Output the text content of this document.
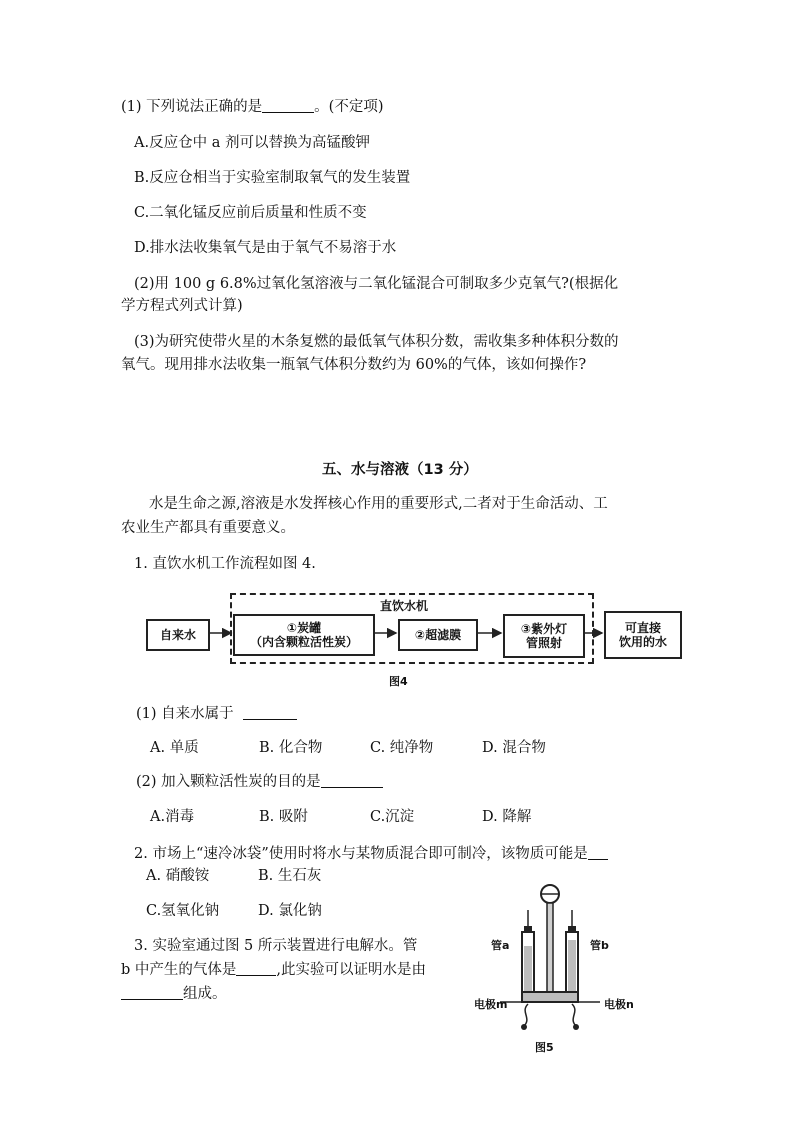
(1) 下列说法正确的是	。(不定项)
A.反应仓中 a 剂可以替换为高锰酸钾
B.反应仓相当于实验室制取氧气的发生装置
C.二氧化锰反应前后质量和性质不变
D.排水法收集氧气是由于氧气不易溶于水
(2)用 100 g 6.8%过氧化氢溶液与二氧化锰混合可制取多少克氧气?(根据化
学方程式列式计算)
(3)为研究使带火星的木条复燃的最低氧气体积分数，需收集多种体积分数的
氧气。现用排水法收集一瓶氧气体积分数约为 60%的气体，该如何操作?
五、水与溶液（13 分）
水是生命之源,溶液是水发挥核心作用的重要形式,二者对于生命活动、工
农业生产都具有重要意义。
1. 直饮水机工作流程如图 4.
直饮水机
自来水	①炭罐
（内含颗粒活性炭）	②超滤膜	③紫外灯
管照射
可直接
饮用的水
图4
(1) 自来水属于
A. 单质	B. 化合物	C. 纯净物	D. 混合物
(2) 加入颗粒活性炭的目的是
A.消毒	B. 吸附	C.沉淀	D. 降解
2. 市场上“速冷冰袋”使用时将水与某物质混合即可制冷，该物质可能是
A. 硝酸铵	B. 生石灰
C.氢氧化钠	D. 氯化钠
3. 实验室通过图 5 所示装置进行电解水。管
b 中产生的气体是	,此实验可以证明水是由
组成。
管a	管b
电极m	电极n
图5
